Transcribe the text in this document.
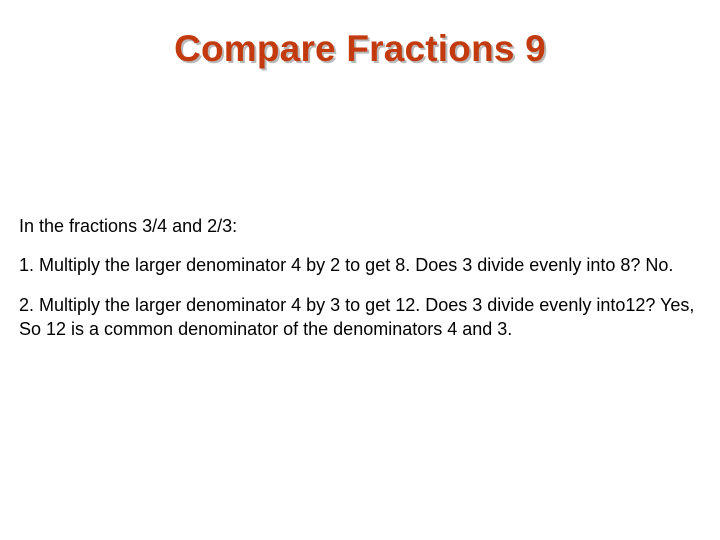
Compare Fractions 9

In the fractions 3/4 and 2/3:

1. Multiply the larger denominator 4 by 2 to get 8. Does 3 divide evenly into 8? No.

2. Multiply the larger denominator 4 by 3 to get 12. Does 3 divide evenly into12? Yes, So 12 is a common denominator of the denominators 4 and 3.
